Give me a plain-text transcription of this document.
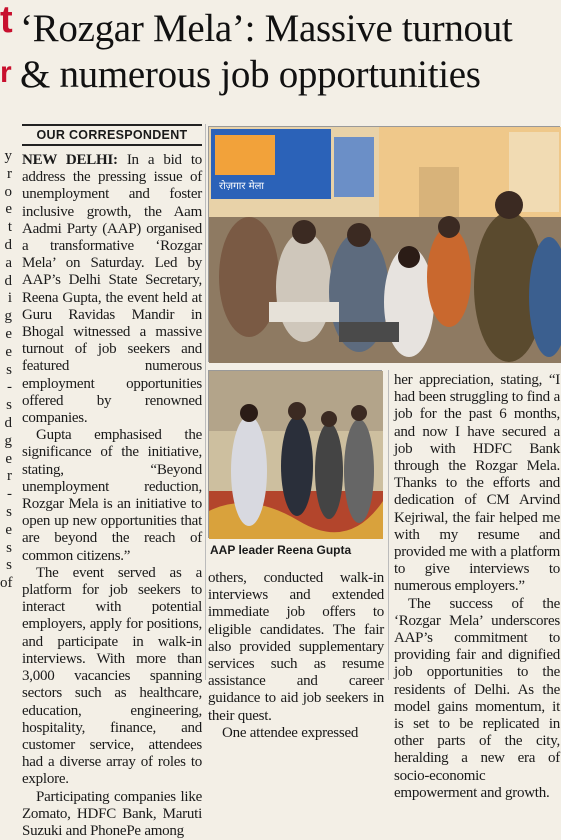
t
r
‘Rozgar Mela’: Massive turnout
& numerous job opportunities
y
r
o
e
t
d
a
d
i
g
e
e
s
-
s
d
g
e
r
-
s
e
s
s
of
OUR CORRESPONDENT

NEW DELHI: In a bid to address the pressing issue of unemployment and foster inclusive growth, the Aam Aadmi Party (AAP) organised a transformative ‘Rozgar Mela’ on Saturday. Led by AAP’s Delhi State Secretary, Reena Gupta, the event held at Guru Ravidas Mandir in Bhogal witnessed a massive turnout of job seekers and featured numerous employment opportunities offered by renowned companies.

Gupta emphasised the significance of the initiative, stating, “Beyond unemployment reduction, Rozgar Mela is an initiative to open up new opportunities that are beyond the reach of common citizens.”

The event served as a platform for job seekers to interact with potential employers, apply for positions, and participate in walk-in interviews. With more than 3,000 vacancies spanning sectors such as healthcare, education, engineering, hospitality, finance, and customer service, attendees had a diverse array of roles to explore.

Participating companies like Zomato, HDFC Bank, Maruti Suzuki and PhonePe among

रोज़गार मेला
AAP leader Reena Gupta

others, conducted walk-in interviews and extended immediate job offers to eligible candidates. The fair also provided supplementary services such as resume assistance and career guidance to aid job seekers in their quest.

One attendee expressed

her appreciation, stating, “I had been struggling to find a job for the past 6 months, and now I have secured a job with HDFC Bank through the Rozgar Mela. Thanks to the efforts and dedication of CM Arvind Kejriwal, the fair helped me with my resume and provided me with a platform to give interviews to numerous employers.”

The success of the ‘Rozgar Mela’ underscores AAP’s commitment to providing fair and dignified job opportunities to the residents of Delhi. As the model gains momentum, it is set to be replicated in other parts of the city, heralding a new era of socio-economic empowerment and growth.
